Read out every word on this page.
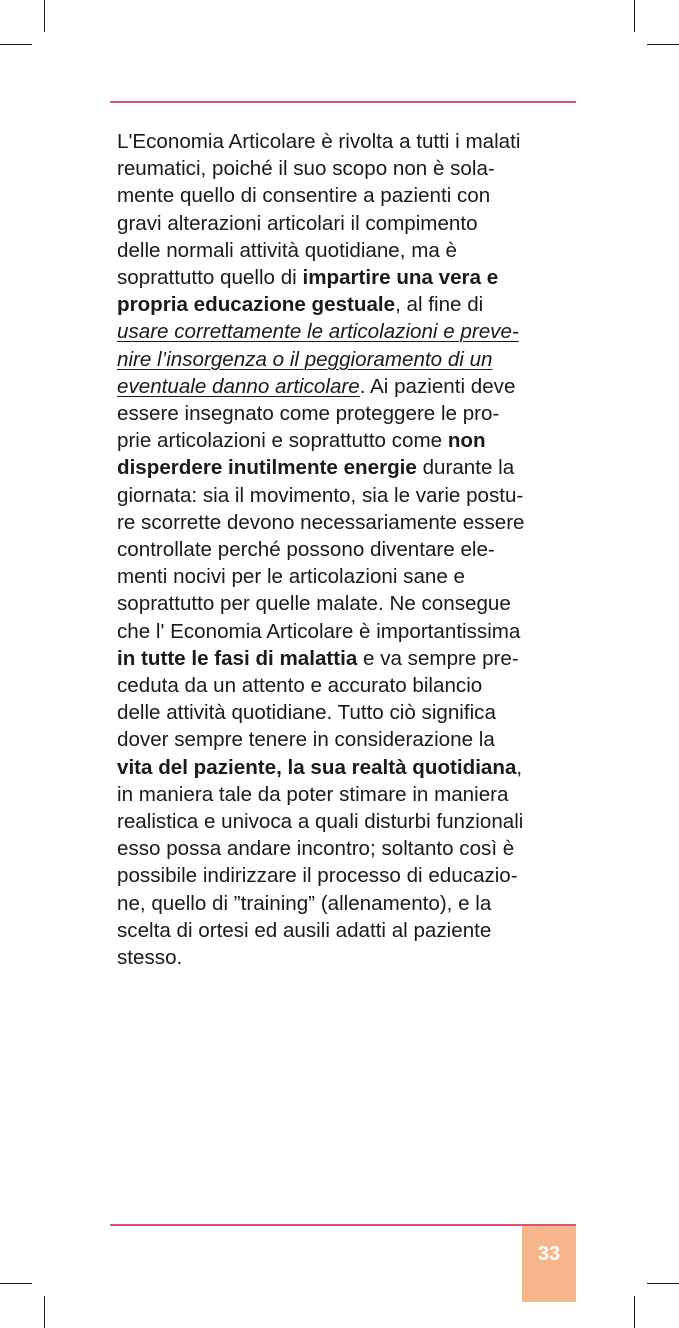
L'Economia Articolare è rivolta a tutti i malati
reumatici, poiché il suo scopo non è sola-
mente quello di consentire a pazienti con
gravi alterazioni articolari il compimento
delle normali attività quotidiane, ma è
soprattutto quello di impartire una vera e
propria educazione gestuale, al fine di
usare correttamente le articolazioni e preve-
nire l’insorgenza o il peggioramento di un
eventuale danno articolare. Ai pazienti deve
essere insegnato come proteggere le pro-
prie articolazioni e soprattutto come non
disperdere inutilmente energie durante la
giornata: sia il movimento, sia le varie postu-
re scorrette devono necessariamente essere
controllate perché possono diventare ele-
menti nocivi per le articolazioni sane e
soprattutto per quelle malate. Ne consegue
che l' Economia Articolare è importantissima
in tutte le fasi di malattia e va sempre pre-
ceduta da un attento e accurato bilancio
delle attività quotidiane. Tutto ciò significa
dover sempre tenere in considerazione la
vita del paziente, la sua realtà quotidiana,
in maniera tale da poter stimare in maniera
realistica e univoca a quali disturbi funzionali
esso possa andare incontro; soltanto così è
possibile indirizzare il processo di educazio-
ne, quello di ”training” (allenamento), e la
scelta di ortesi ed ausili adatti al paziente
stesso.

33
